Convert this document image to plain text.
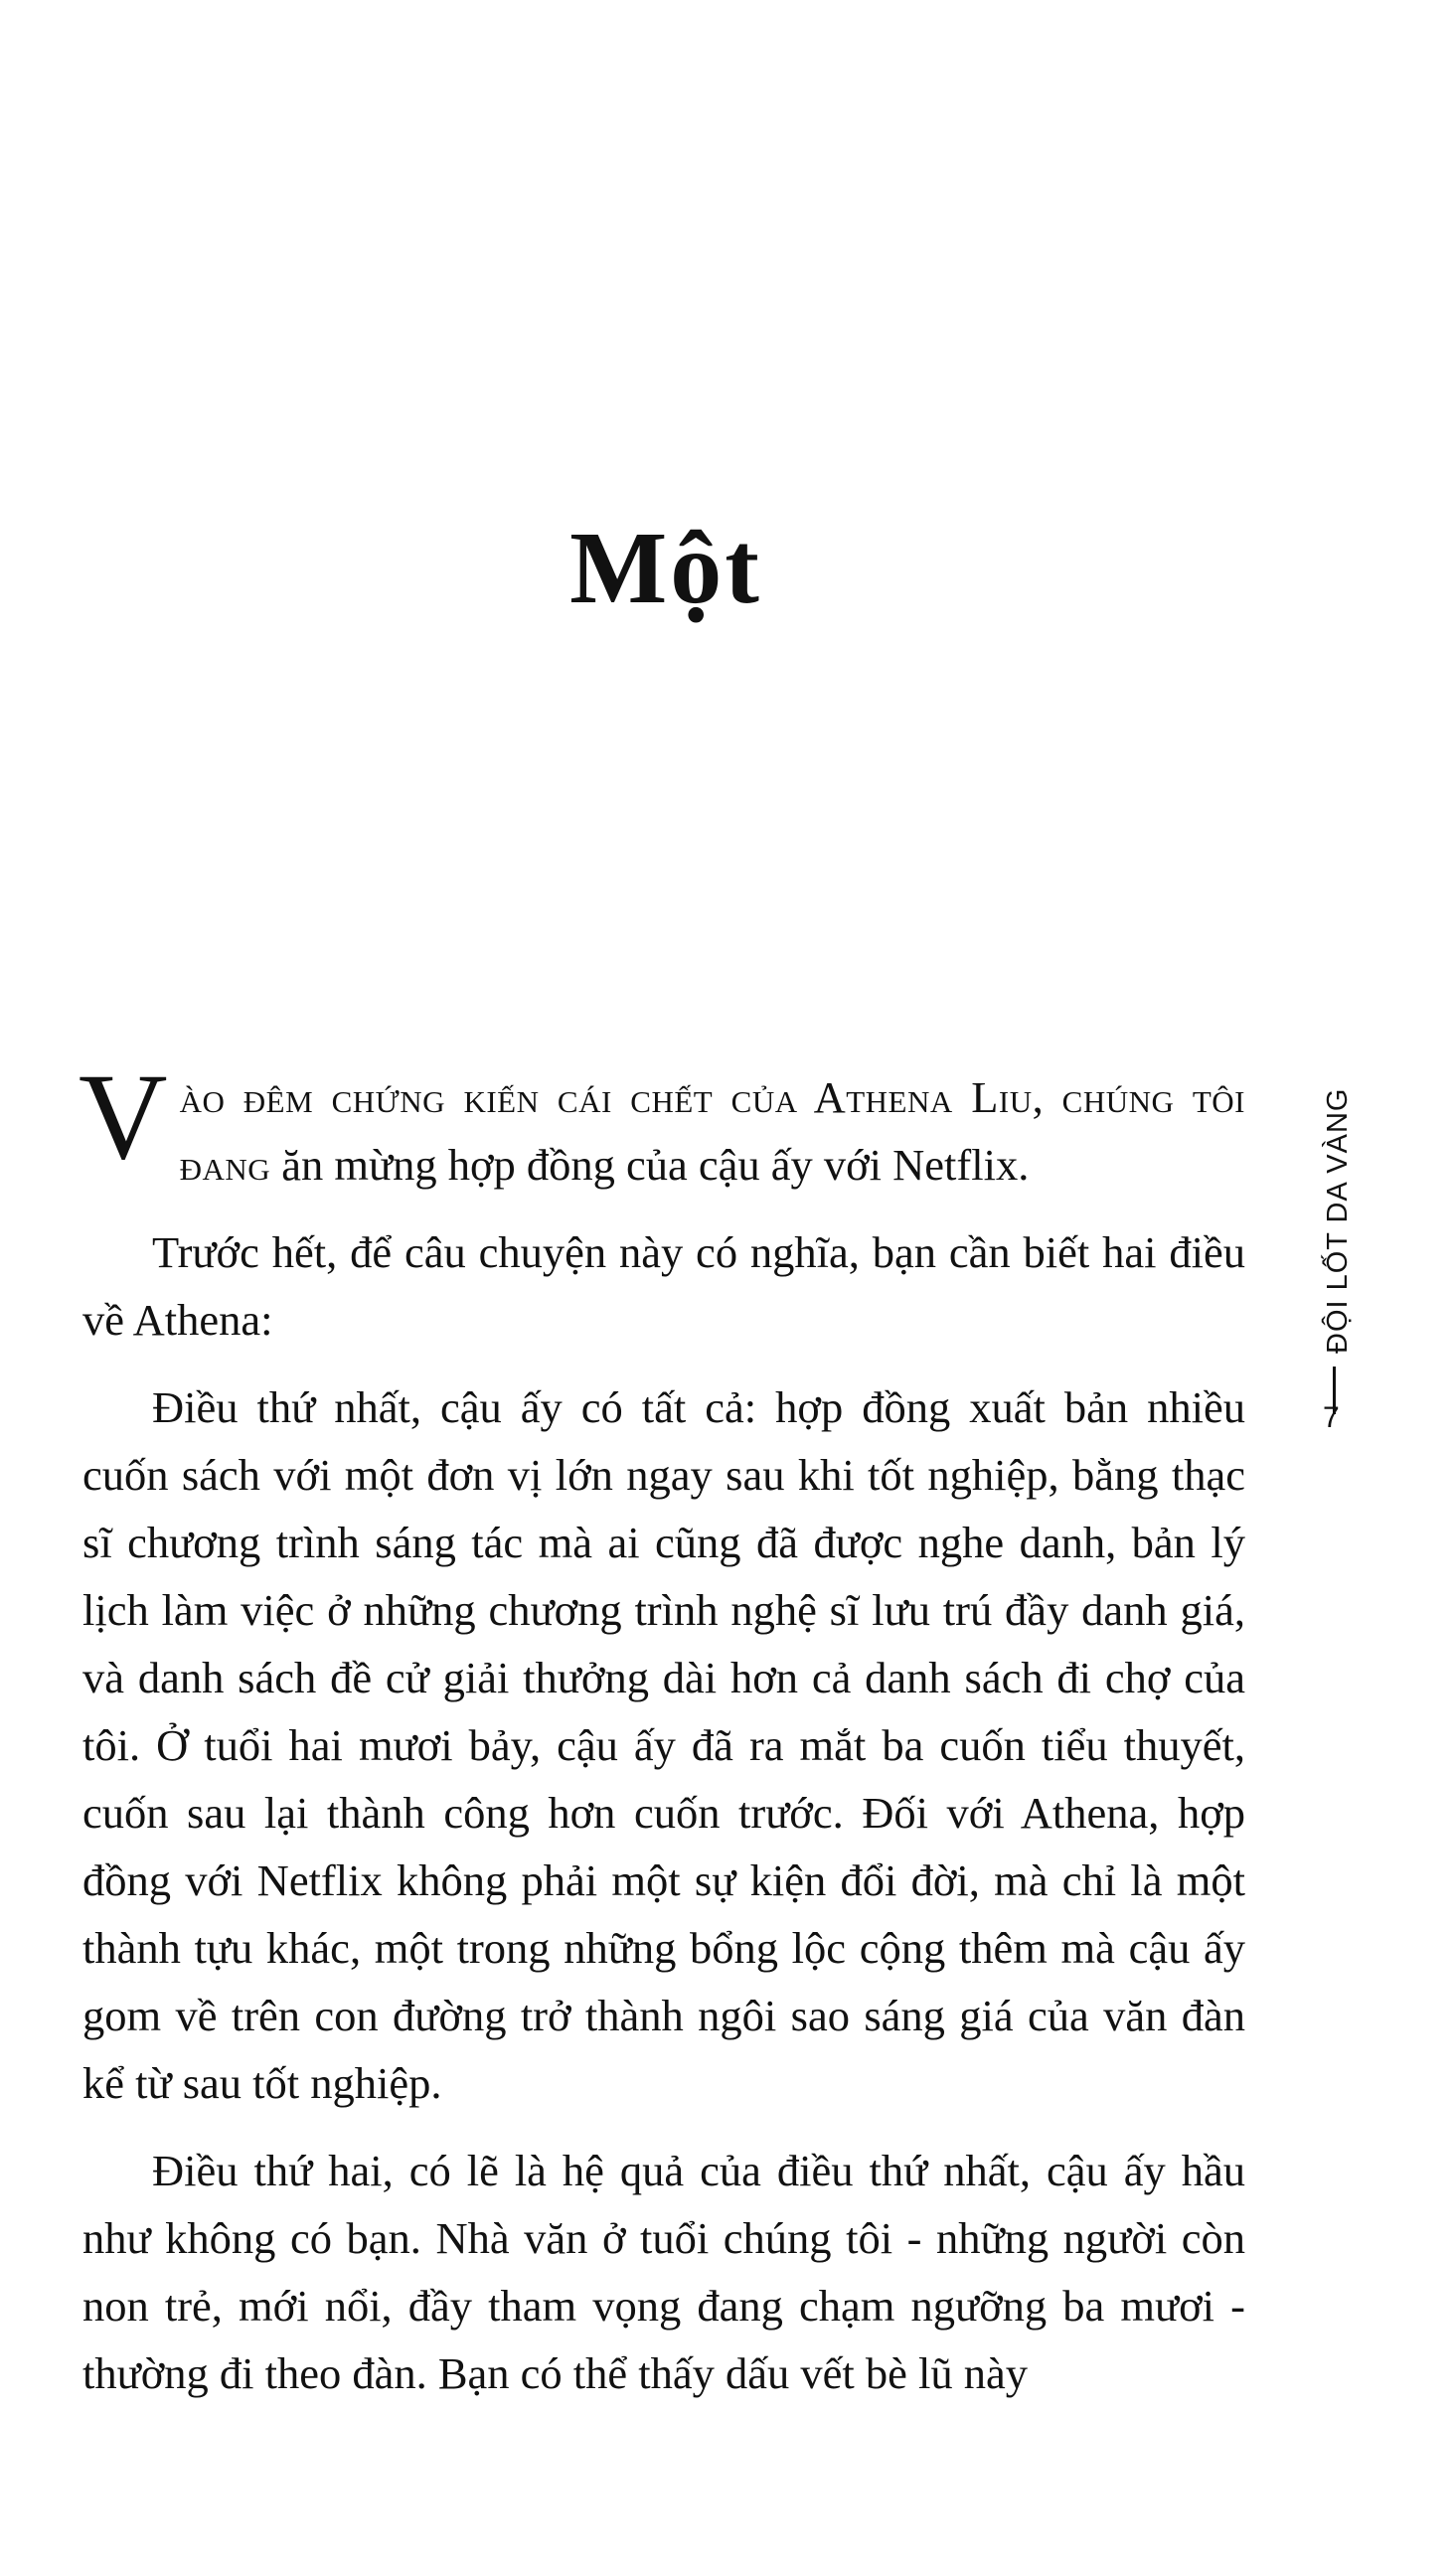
Một

Vào đêm chứng kiến cái chết của Athena Liu, chúng tôi đang ăn mừng hợp đồng của cậu ấy với Netflix.

Trước hết, để câu chuyện này có nghĩa, bạn cần biết hai điều về Athena:

Điều thứ nhất, cậu ấy có tất cả: hợp đồng xuất bản nhiều cuốn sách với một đơn vị lớn ngay sau khi tốt nghiệp, bằng thạc sĩ chương trình sáng tác mà ai cũng đã được nghe danh, bản lý lịch làm việc ở những chương trình nghệ sĩ lưu trú đầy danh giá, và danh sách đề cử giải thưởng dài hơn cả danh sách đi chợ của tôi. Ở tuổi hai mươi bảy, cậu ấy đã ra mắt ba cuốn tiểu thuyết, cuốn sau lại thành công hơn cuốn trước. Đối với Athena, hợp đồng với Netflix không phải một sự kiện đổi đời, mà chỉ là một thành tựu khác, một trong những bổng lộc cộng thêm mà cậu ấy gom về trên con đường trở thành ngôi sao sáng giá của văn đàn kể từ sau tốt nghiệp.

Điều thứ hai, có lẽ là hệ quả của điều thứ nhất, cậu ấy hầu như không có bạn. Nhà văn ở tuổi chúng tôi - những người còn non trẻ, mới nổi, đầy tham vọng đang chạm ngưỡng ba mươi - thường đi theo đàn. Bạn có thể thấy dấu vết bè lũ này

ĐỘI LỐT DA VÀNG
7
